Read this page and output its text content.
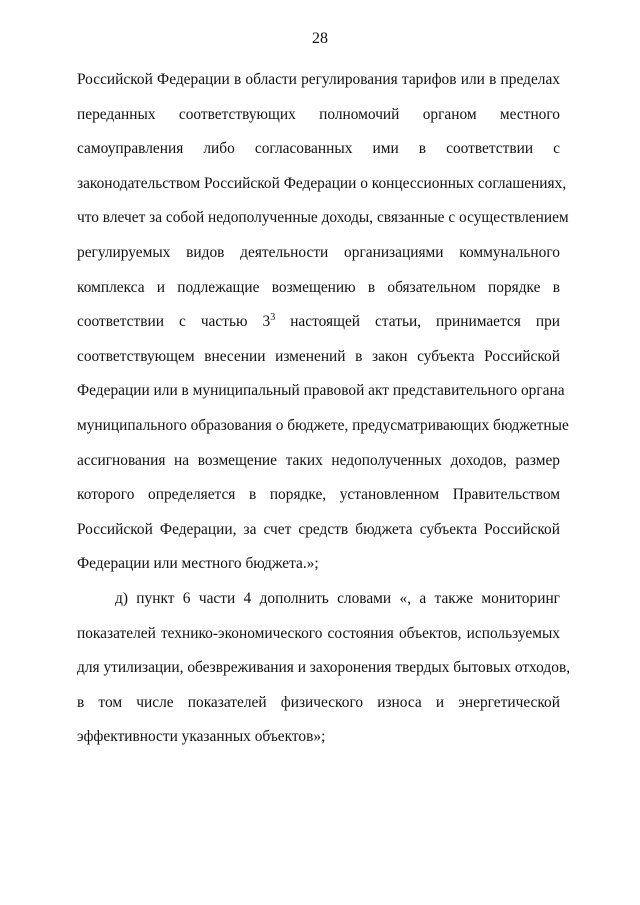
28
Российской Федерации в области регулирования тарифов или в пределах
переданных соответствующих полномочий органом местного
самоуправления либо согласованных ими в соответствии с
законодательством Российской Федерации о концессионных соглашениях,
что влечет за собой недополученные доходы, связанные с осуществлением
регулируемых видов деятельности организациями коммунального
комплекса и подлежащие возмещению в обязательном порядке в
соответствии с частью $3^3$ настоящей статьи, принимается при
соответствующем внесении изменений в закон субъекта Российской
Федерации или в муниципальный правовой акт представительного органа
муниципального образования о бюджете, предусматривающих бюджетные
ассигнования на возмещение таких недополученных доходов, размер
которого определяется в порядке, установленном Правительством
Российской Федерации, за счет средств бюджета субъекта Российской
Федерации или местного бюджета.»;
д) пункт 6 части 4 дополнить словами «, а также мониторинг
показателей технико-экономического состояния объектов, используемых
для утилизации, обезвреживания и захоронения твердых бытовых отходов,
в том числе показателей физического износа и энергетической
эффективности указанных объектов»;
